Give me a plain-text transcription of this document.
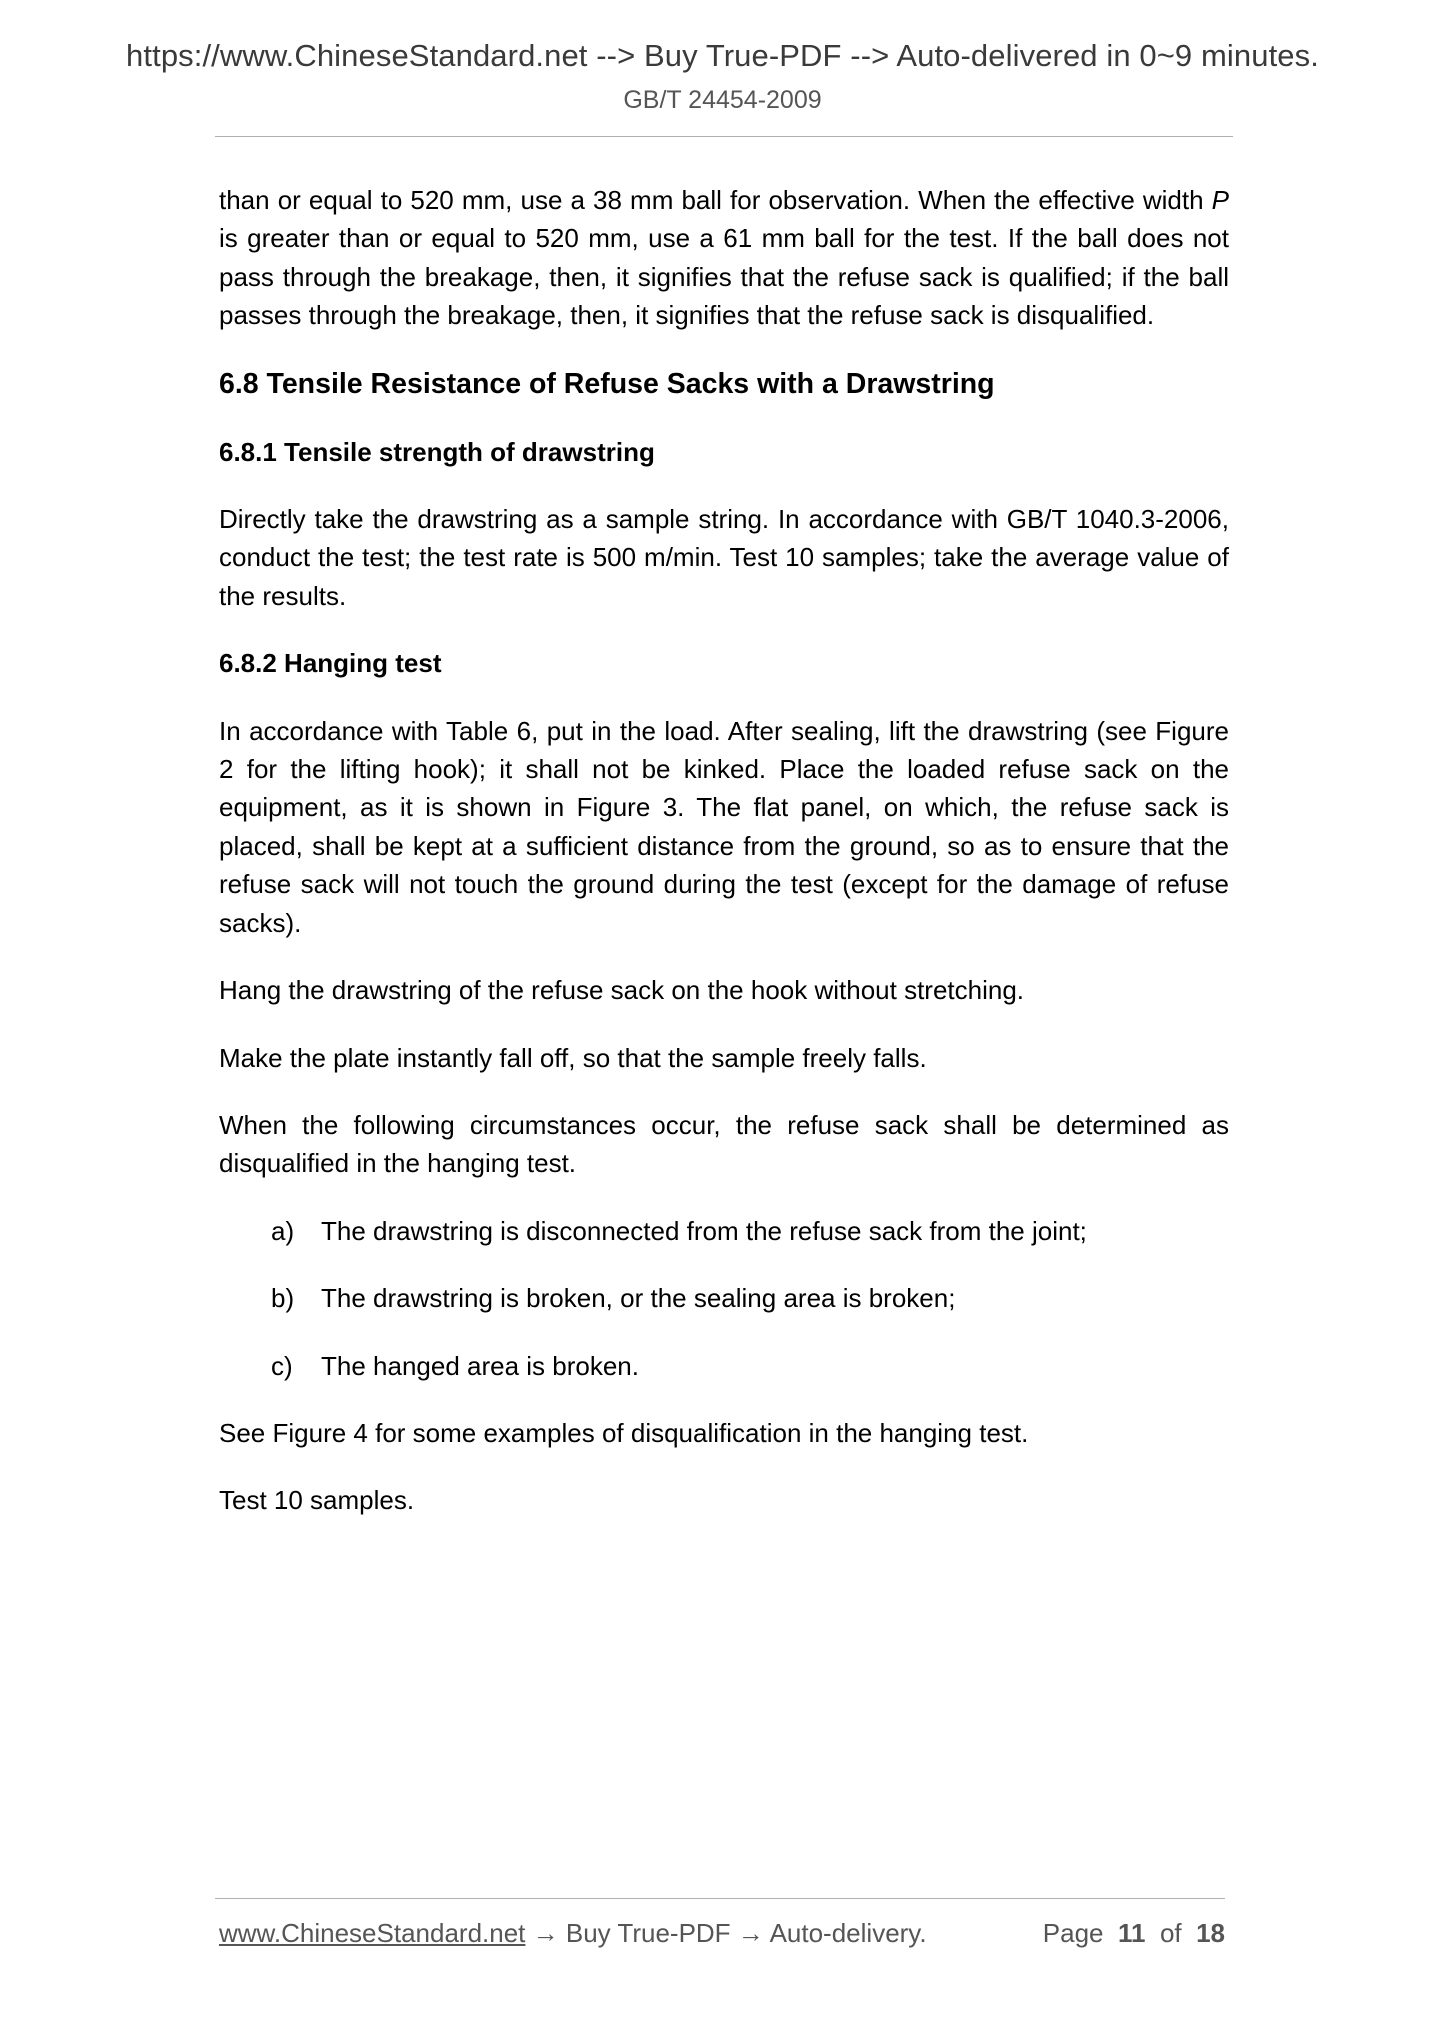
https://www.ChineseStandard.net --> Buy True-PDF --> Auto-delivered in 0~9 minutes.
GB/T 24454-2009

than or equal to 520 mm, use a 38 mm ball for observation. When the effective width P is greater than or equal to 520 mm, use a 61 mm ball for the test. If the ball does not pass through the breakage, then, it signifies that the refuse sack is qualified; if the ball passes through the breakage, then, it signifies that the refuse sack is disqualified.

6.8 Tensile Resistance of Refuse Sacks with a Drawstring
6.8.1 Tensile strength of drawstring

Directly take the drawstring as a sample string. In accordance with GB/T 1040.3-2006, conduct the test; the test rate is 500 m/min. Test 10 samples; take the average value of the results.

6.8.2 Hanging test

In accordance with Table 6, put in the load. After sealing, lift the drawstring (see Figure 2 for the lifting hook); it shall not be kinked. Place the loaded refuse sack on the equipment, as it is shown in Figure 3. The flat panel, on which, the refuse sack is placed, shall be kept at a sufficient distance from the ground, so as to ensure that the refuse sack will not touch the ground during the test (except for the damage of refuse sacks).

Hang the drawstring of the refuse sack on the hook without stretching.

Make the plate instantly fall off, so that the sample freely falls.

When the following circumstances occur, the refuse sack shall be determined as disqualified in the hanging test.

a) The drawstring is disconnected from the refuse sack from the joint;
b) The drawstring is broken, or the sealing area is broken;
c) The hanged area is broken.

See Figure 4 for some examples of disqualification in the hanging test.

Test 10 samples.

www.ChineseStandard.net → Buy True-PDF → Auto-delivery.	Page 11 of 18
